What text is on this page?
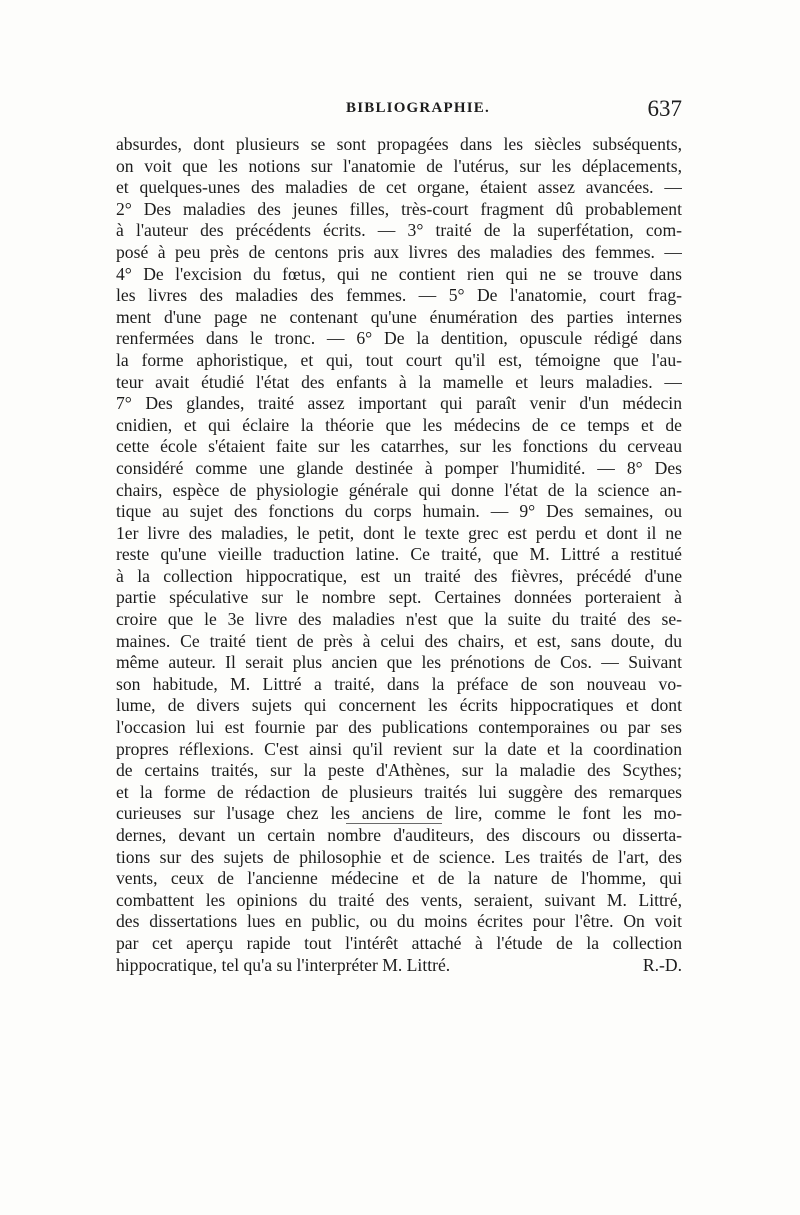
BIBLIOGRAPHIE.	637
absurdes, dont plusieurs se sont propagées dans les siècles subséquents,
on voit que les notions sur l'anatomie de l'utérus, sur les déplacements,
et quelques-unes des maladies de cet organe, étaient assez avancées. —
2° Des maladies des jeunes filles, très-court fragment dû probablement
à l'auteur des précédents écrits. — 3° traité de la superfétation, com-
posé à peu près de centons pris aux livres des maladies des femmes. —
4° De l'excision du fœtus, qui ne contient rien qui ne se trouve dans
les livres des maladies des femmes. — 5° De l'anatomie, court frag-
ment d'une page ne contenant qu'une énumération des parties internes
renfermées dans le tronc. — 6° De la dentition, opuscule rédigé dans
la forme aphoristique, et qui, tout court qu'il est, témoigne que l'au-
teur avait étudié l'état des enfants à la mamelle et leurs maladies. —
7° Des glandes, traité assez important qui paraît venir d'un médecin
cnidien, et qui éclaire la théorie que les médecins de ce temps et de
cette école s'étaient faite sur les catarrhes, sur les fonctions du cerveau
considéré comme une glande destinée à pomper l'humidité. — 8° Des
chairs, espèce de physiologie générale qui donne l'état de la science an-
tique au sujet des fonctions du corps humain. — 9° Des semaines, ou
1er livre des maladies, le petit, dont le texte grec est perdu et dont il ne
reste qu'une vieille traduction latine. Ce traité, que M. Littré a restitué
à la collection hippocratique, est un traité des fièvres, précédé d'une
partie spéculative sur le nombre sept. Certaines données porteraient à
croire que le 3e livre des maladies n'est que la suite du traité des se-
maines. Ce traité tient de près à celui des chairs, et est, sans doute, du
même auteur. Il serait plus ancien que les prénotions de Cos. — Suivant
son habitude, M. Littré a traité, dans la préface de son nouveau vo-
lume, de divers sujets qui concernent les écrits hippocratiques et dont
l'occasion lui est fournie par des publications contemporaines ou par ses
propres réflexions. C'est ainsi qu'il revient sur la date et la coordination
de certains traités, sur la peste d'Athènes, sur la maladie des Scythes;
et la forme de rédaction de plusieurs traités lui suggère des remarques
curieuses sur l'usage chez les anciens de lire, comme le font les mo-
dernes, devant un certain nombre d'auditeurs, des discours ou disserta-
tions sur des sujets de philosophie et de science. Les traités de l'art, des
vents, ceux de l'ancienne médecine et de la nature de l'homme, qui
combattent les opinions du traité des vents, seraient, suivant M. Littré,
des dissertations lues en public, ou du moins écrites pour l'être. On voit
par cet aperçu rapide tout l'intérêt attaché à l'étude de la collection
hippocratique, tel qu'a su l'interpréter M. Littré.	R.-D.
